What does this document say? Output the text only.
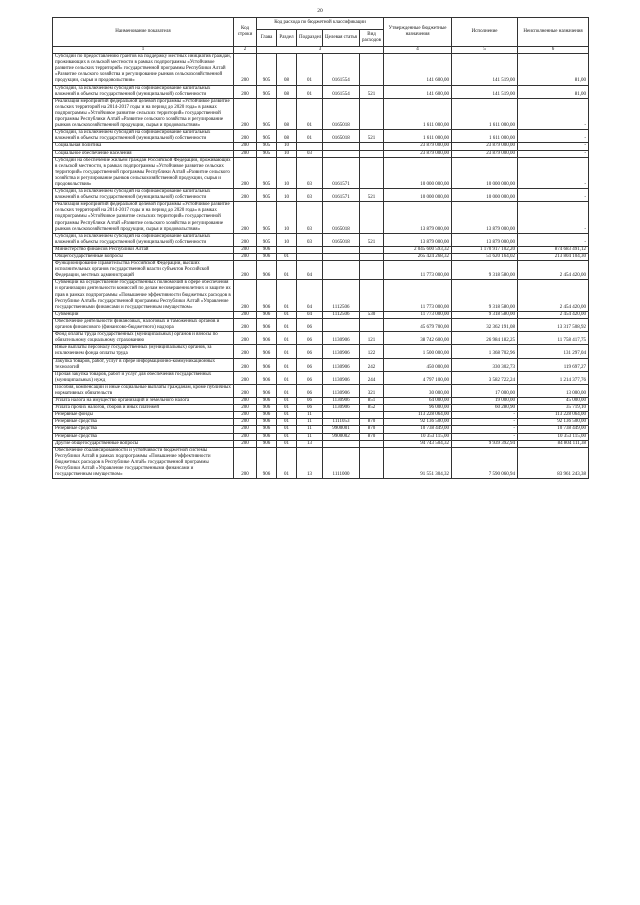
20
Наименование показателя	Код строки	Код расхода по бюджетной классификации					Утвержденные бюджетные назначения	Исполнение	Неисполненные назначения
		Глава	Раздел	Подраздел	Целевая статья	Вид расходов			
1	2	3					4	5	6
Субсидии по предоставлению грантов на поддержку местных инициатив граждан, проживающих в сельской местности в рамках подпрограммы «Устойчивое развитие сельских территорий» государственной программы Республики Алтай «Развитие сельского хозяйства и регулирование рынков сельскохозяйственной продукции, сырья и продовольствия»	200	905	08	01	0161554		141 600,00	141 519,00	81,00
Субсидии, за исключением субсидий на софинансирование капитальных вложений в объекты государственной (муниципальной) собственности	200	905	08	01	0161554	521	141 600,00	141 519,00	81,00
Реализация мероприятий федеральной целевой программы «Устойчивое развитие сельских территорий на 2014-2017 годы и на период до 2020 года» в рамках подпрограммы «Устойчивое развитие сельских территорий» государственной программы Республики Алтай «Развитие сельского хозяйства и регулирование рынков сельскохозяйственной продукции, сырья и продовольствия»	200	905	08	01	0165018		1 611 000,00	1 611 000,00	-
Субсидии, за исключением субсидий на софинансирование капитальных вложений в объекты государственной (муниципальной) собственности	200	905	08	01	0165018	521	1 611 000,00	1 611 000,00	-
Социальная политика	200	905	10				23 879 000,00	23 879 000,00	-
Социальное обеспечение населения	200	905	10	03			23 879 000,00	23 879 000,00	-
Субсидии на обеспечение жильем граждан Российской Федерации, проживающих в сельской местности, в рамках подпрограммы «Устойчивое развитие сельских территорий» государственной программы Республики Алтай «Развитие сельского хозяйства и регулирование рынков сельскохозяйственной продукции, сырья и продовольствия»	200	905	10	03	0161571		10 000 000,00	10 000 000,00	-
Субсидии, за исключением субсидий на софинансирование капитальных вложений в объекты государственной (муниципальной) собственности	200	905	10	03	0161571	521	10 000 000,00	10 000 000,00	-
Реализация мероприятий федеральной целевой программы «Устойчивое развитие сельских территорий на 2014-2017 годы и на период до 2020 года» в рамках подпрограммы «Устойчивое развитие сельских территорий» государственной программы Республики Алтай «Развитие сельского хозяйства и регулирование рынков сельскохозяйственной продукции, сырья и продовольствия»	200	905	10	03	0165018		13 879 000,00	13 879 000,00	-
Субсидии, за исключением субсидий на софинансирование капитальных вложений в объекты государственной (муниципальной) собственности	200	905	10	03	0165018	521	13 879 000,00	13 879 000,00	-
Министерство финансов Республики Алтай	200	906					2 045 600 593,32	1 170 917 102,20	874 683 491,12
Общегосударственные вопросы	200	906	01				265 424 268,32	51 620 164,02	213 804 104,30
Функционирование Правительства Российской Федерации, высших исполнительных органов государственной власти субъектов Российской Федерации, местных администраций	200	906	01	04			11 773 000,00	9 318 580,00	2 454 420,00
Субвенции на осуществление государственных полномочий в сфере обеспечения и организации деятельности комиссий по делам несовершеннолетних и защите их прав в рамках подпрограммы «Повышение эффективности бюджетных расходов в Республике Алтай» государственной программы Республики Алтай «Управление государственными финансами и государственным имуществом»	200	906	01	04	1112506		11 773 000,00	9 318 580,00	2 454 420,00
Субвенции	200	906	01	04	1112506	530	11 773 000,00	9 318 580,00	2 454 420,00
Обеспечение деятельности финансовых, налоговых и таможенных органов и органов финансового (финансово-бюджетного) надзора	200	906	01	06			45 679 700,00	32 362 191,08	13 317 508,92
Фонд оплаты труда государственных (муниципальных) органов и взносы по обязательному социальному страхованию	200	906	01	06	1130906	121	38 742 600,00	26 984 182,25	11 758 417,75
Иные выплаты персоналу государственных (муниципальных) органов, за исключением фонда оплаты труда	200	906	01	06	1130906	122	1 500 000,00	1 368 702,96	131 297,04
Закупка товаров, работ, услуг в сфере информационно-коммуникационных технологий	200	906	01	06	1130906	242	450 000,00	330 302,73	119 697,27
Прочая закупка товаров, работ и услуг для обеспечения государственных (муниципальных) нужд	200	906	01	06	1130906	244	4 797 100,00	3 582 722,24	1 214 377,76
Пособия, компенсации и иные социальные выплаты гражданам, кроме публичных нормативных обязательств	200	906	01	06	1130906	321	30 000,00	17 000,00	13 000,00
Уплата налога на имущество организаций и земельного налога	200	906	01	06	1130906	851	64 000,00	19 000,00	45 000,00
Уплата прочих налогов, сборов и иных платежей	200	906	01	06	1130906	852	96 000,00	60 280,90	35 719,10
Резервные фонды	200	906	01	11			113 228 064,00	-	113 228 064,00
Резервные средства	200	906	01	11	1111053	870	92 136 500,00	-	92 136 500,00
Резервные средства	200	906	01	11	9900001	870	10 738 449,00	-	10 738 449,00
Резервные средства	200	906	01	11	9900002	870	10 353 115,00	-	10 353 115,00
Другие общегосударственные вопросы	200	906	01	13			94 743 504,32	9 939 392,94	84 804 111,38
Обеспечение сбалансированности и устойчивости бюджетной системы Республики Алтай в рамках подпрограммы «Повышение эффективности бюджетных расходов в Республике Алтай» государственной программы Республики Алтай «Управление государственными финансами и государственным имуществом»	200	906	01	13	1111000		91 551 304,32	7 590 060,94	83 961 243,38
